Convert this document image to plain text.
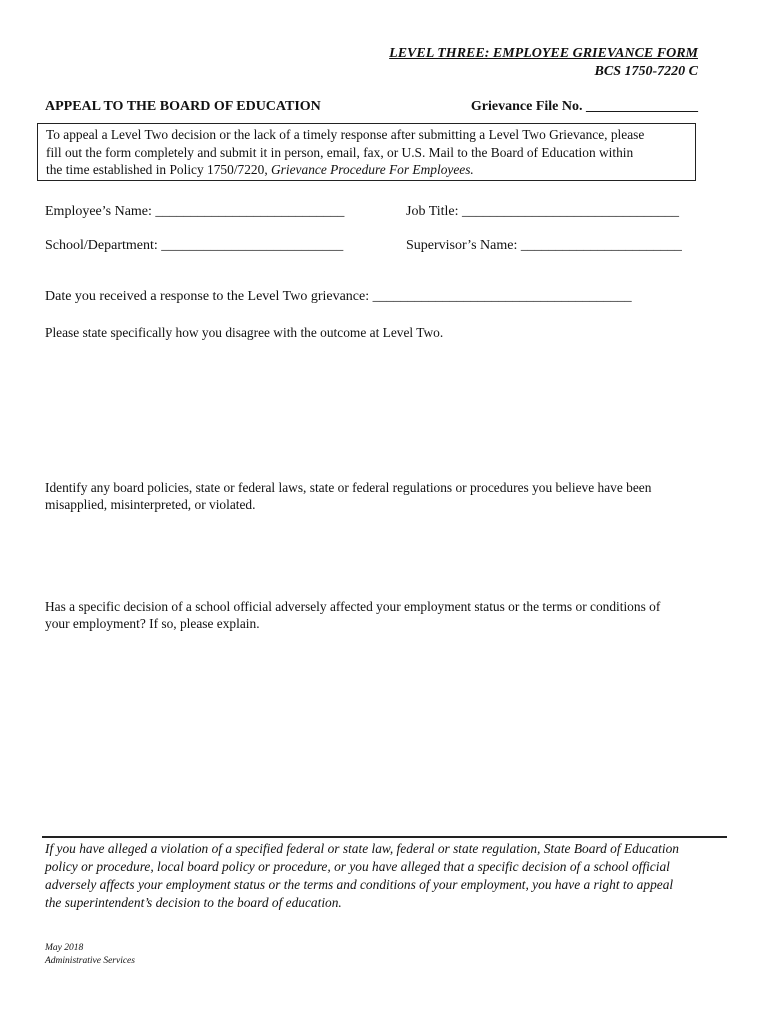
LEVEL THREE: EMPLOYEE GRIEVANCE FORM
BCS 1750-7220 C
APPEAL TO THE BOARD OF EDUCATION	Grievance File No. ________________
To appeal a Level Two decision or the lack of a timely response after submitting a Level Two Grievance, please
fill out the form completely and submit it in person, email, fax, or U.S. Mail to the Board of Education within
the time established in Policy 1750/7220, Grievance Procedure For Employees.
Employee’s Name: ___________________________	Job Title: _______________________________
School/Department: __________________________	Supervisor’s Name: _______________________
Date you received a response to the Level Two grievance: _____________________________________
Please state specifically how you disagree with the outcome at Level Two.
Identify any board policies, state or federal laws, state or federal regulations or procedures you believe have been
misapplied, misinterpreted, or violated.
Has a specific decision of a school official adversely affected your employment status or the terms or conditions of
your employment? If so, please explain.
If you have alleged a violation of a specified federal or state law, federal or state regulation, State Board of Education
policy or procedure, local board policy or procedure, or you have alleged that a specific decision of a school official
adversely affects your employment status or the terms and conditions of your employment, you have a right to appeal
the superintendent’s decision to the board of education.
May 2018
Administrative Services
